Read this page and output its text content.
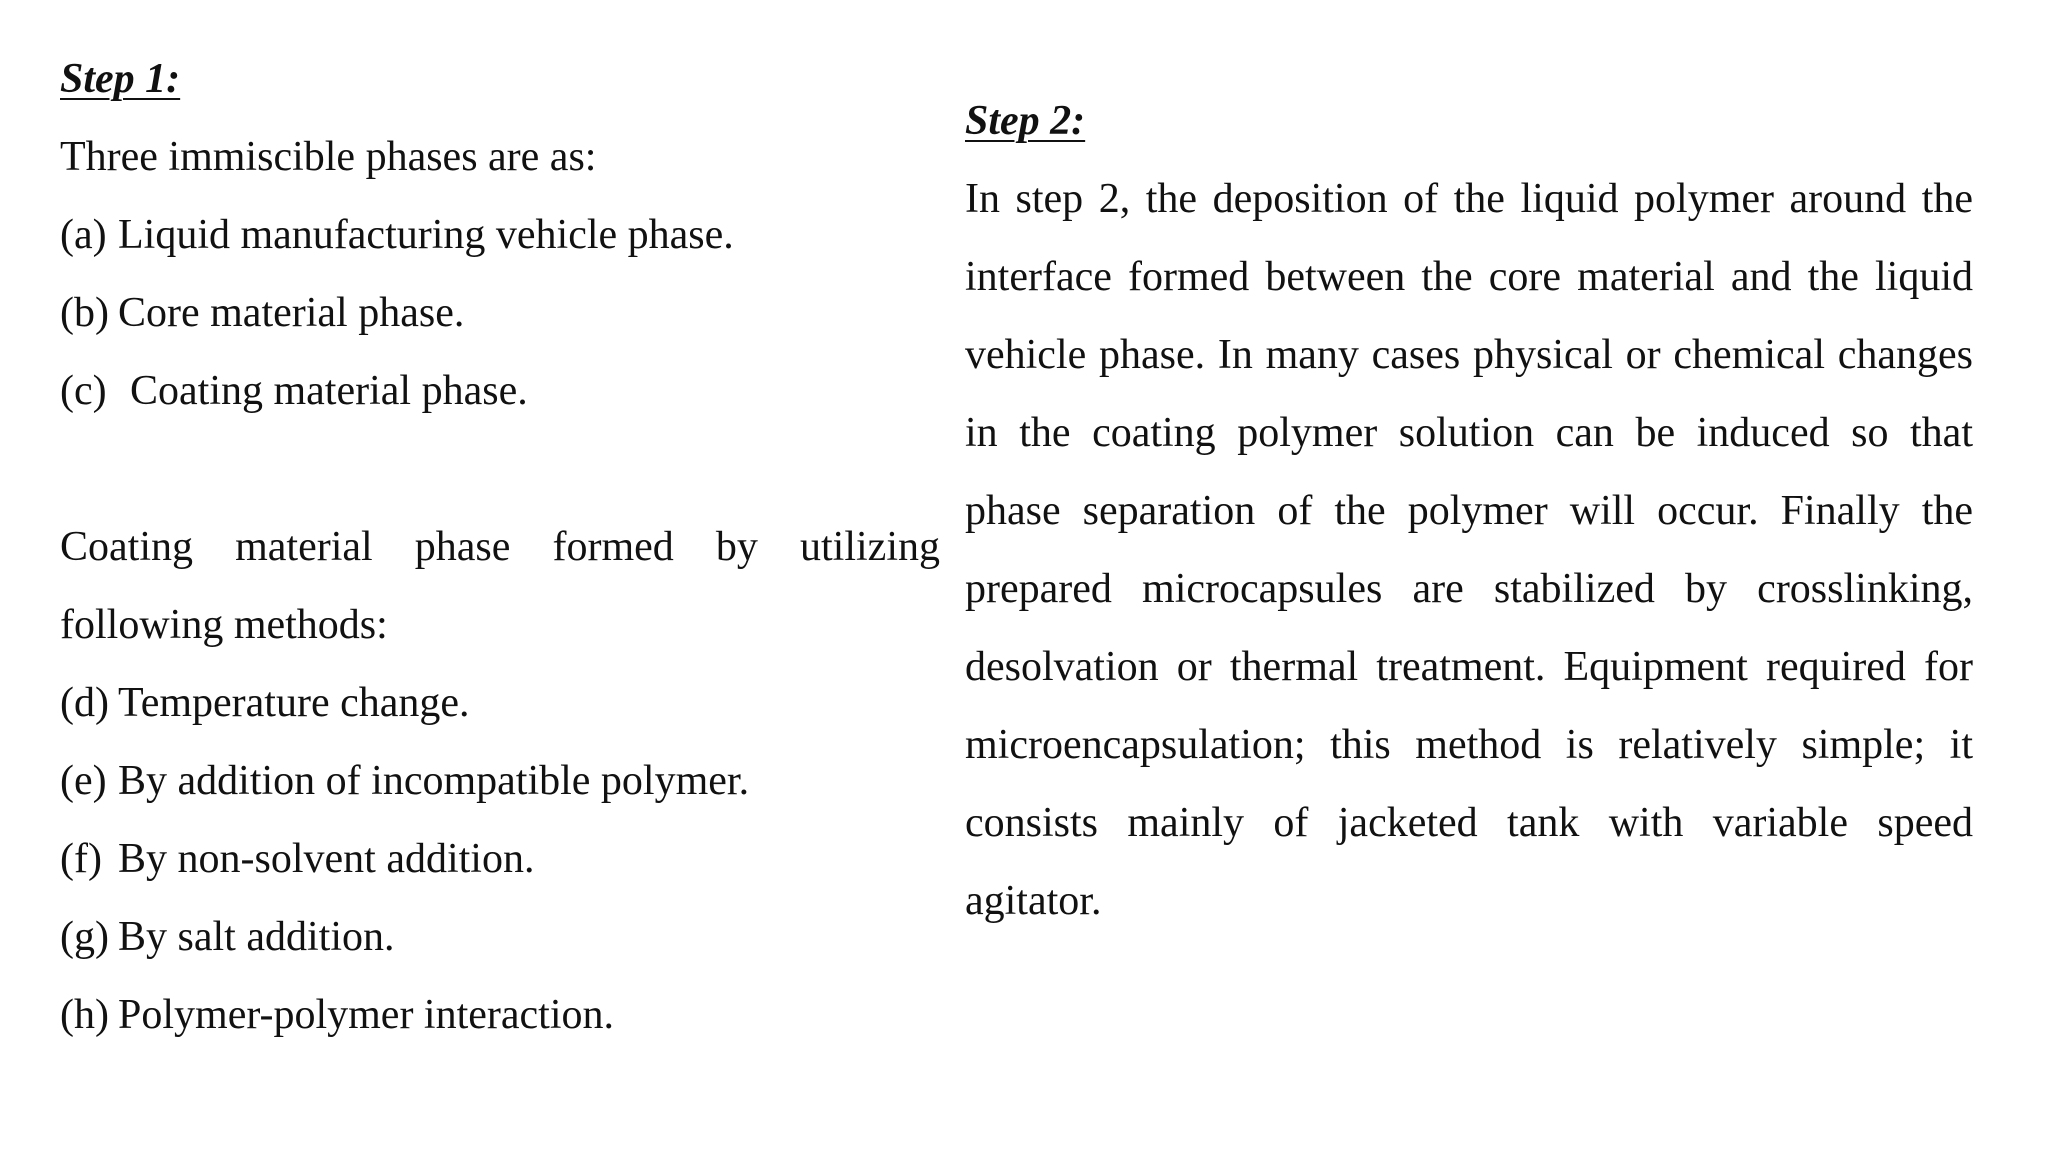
Step 1:
Three immiscible phases are as:
(a) Liquid manufacturing vehicle phase.
(b) Core material phase.
(c) Coating material phase.
Coating material phase formed by utilizing following methods:
(d) Temperature change.
(e) By addition of incompatible polymer.
(f) By non-solvent addition.
(g) By salt addition.
(h) Polymer-polymer interaction.
Step 2:
In step 2, the deposition of the liquid polymer around the interface formed between the core material and the liquid vehicle phase. In many cases physical or chemical changes in the coating polymer solution can be induced so that phase separation of the polymer will occur. Finally the prepared microcapsules are stabilized by crosslinking, desolvation or thermal treatment. Equipment required for microencapsulation; this method is relatively simple; it consists mainly of jacketed tank with variable speed agitator.
